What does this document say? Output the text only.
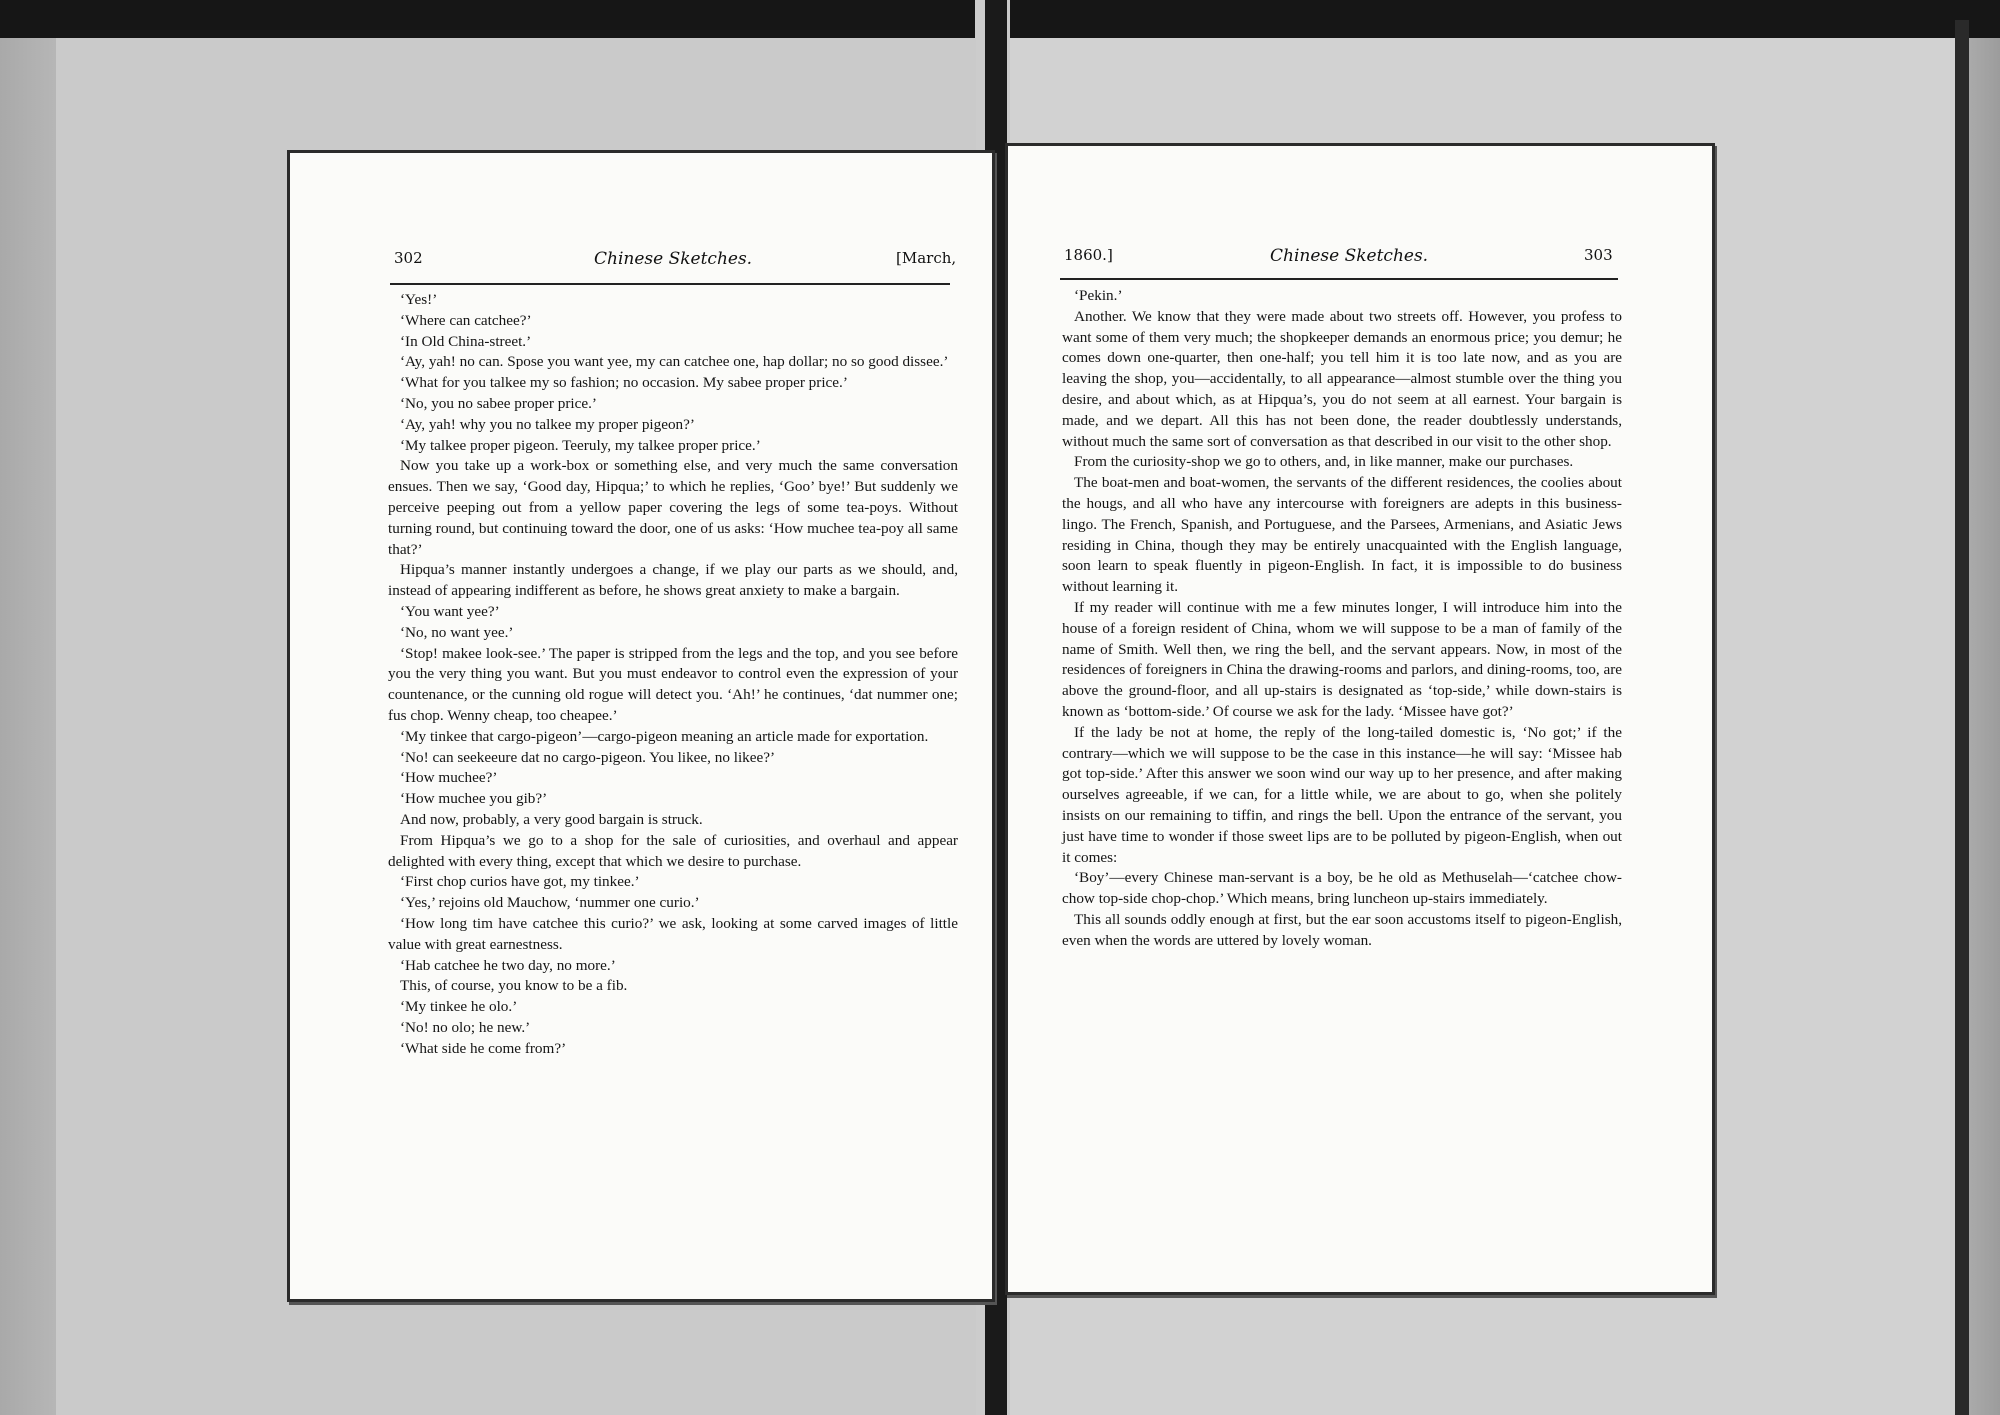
302	Chinese Sketches.	[March,

‘Yes!’

‘Where can catchee?’

‘In Old China-street.’

‘Ay, yah! no can. Spose you want yee, my can catchee one, hap dollar; no so good dissee.’

‘What for you talkee my so fashion; no occasion. My sabee proper price.’

‘No, you no sabee proper price.’

‘Ay, yah! why you no talkee my proper pigeon?’

‘My talkee proper pigeon. Teeruly, my talkee proper price.’

Now you take up a work-box or something else, and very much the same conversation ensues. Then we say, ‘Good day, Hipqua;’ to which he replies, ‘Goo’ bye!’ But suddenly we perceive peeping out from a yellow paper covering the legs of some tea-poys. Without turning round, but continuing toward the door, one of us asks: ‘How muchee tea-poy all same that?’

Hipqua’s manner instantly undergoes a change, if we play our parts as we should, and, instead of appearing indifferent as before, he shows great anxiety to make a bargain.

‘You want yee?’

‘No, no want yee.’

‘Stop! makee look-see.’ The paper is stripped from the legs and the top, and you see before you the very thing you want. But you must endeavor to control even the expression of your countenance, or the cunning old rogue will detect you. ‘Ah!’ he continues, ‘dat nummer one; fus chop. Wenny cheap, too cheapee.’

‘My tinkee that cargo-pigeon’—cargo-pigeon meaning an article made for exportation.

‘No! can seekeeure dat no cargo-pigeon. You likee, no likee?’

‘How muchee?’

‘How muchee you gib?’

And now, probably, a very good bargain is struck.

From Hipqua’s we go to a shop for the sale of curiosities, and overhaul and appear delighted with every thing, except that which we desire to purchase.

‘First chop curios have got, my tinkee.’

‘Yes,’ rejoins old Mauchow, ‘nummer one curio.’

‘How long tim have catchee this curio?’ we ask, looking at some carved images of little value with great earnestness.

‘Hab catchee he two day, no more.’

This, of course, you know to be a fib.

‘My tinkee he olo.’

‘No! no olo; he new.’

‘What side he come from?’

1860.]	Chinese Sketches.	303

‘Pekin.’

Another. We know that they were made about two streets off. However, you profess to want some of them very much; the shopkeeper demands an enormous price; you demur; he comes down one-quarter, then one-half; you tell him it is too late now, and as you are leaving the shop, you—accidentally, to all appearance—almost stumble over the thing you desire, and about which, as at Hipqua’s, you do not seem at all earnest. Your bargain is made, and we depart. All this has not been done, the reader doubtlessly understands, without much the same sort of conversation as that described in our visit to the other shop.

From the curiosity-shop we go to others, and, in like manner, make our purchases.

The boat-men and boat-women, the servants of the different residences, the coolies about the hougs, and all who have any intercourse with foreigners are adepts in this business-lingo. The French, Spanish, and Portuguese, and the Parsees, Armenians, and Asiatic Jews residing in China, though they may be entirely unacquainted with the English language, soon learn to speak fluently in pigeon-English. In fact, it is impossible to do business without learning it.

If my reader will continue with me a few minutes longer, I will introduce him into the house of a foreign resident of China, whom we will suppose to be a man of family of the name of Smith. Well then, we ring the bell, and the servant appears. Now, in most of the residences of foreigners in China the drawing-rooms and parlors, and dining-rooms, too, are above the ground-floor, and all up-stairs is designated as ‘top-side,’ while down-stairs is known as ‘bottom-side.’ Of course we ask for the lady. ‘Missee have got?’

If the lady be not at home, the reply of the long-tailed domestic is, ‘No got;’ if the contrary—which we will suppose to be the case in this instance—he will say: ‘Missee hab got top-side.’ After this answer we soon wind our way up to her presence, and after making ourselves agreeable, if we can, for a little while, we are about to go, when she politely insists on our remaining to tiffin, and rings the bell. Upon the entrance of the servant, you just have time to wonder if those sweet lips are to be polluted by pigeon-English, when out it comes:

‘Boy’—every Chinese man-servant is a boy, be he old as Methuselah—‘catchee chow-chow top-side chop-chop.’ Which means, bring luncheon up-stairs immediately.

This all sounds oddly enough at first, but the ear soon accustoms itself to pigeon-English, even when the words are uttered by lovely woman.
